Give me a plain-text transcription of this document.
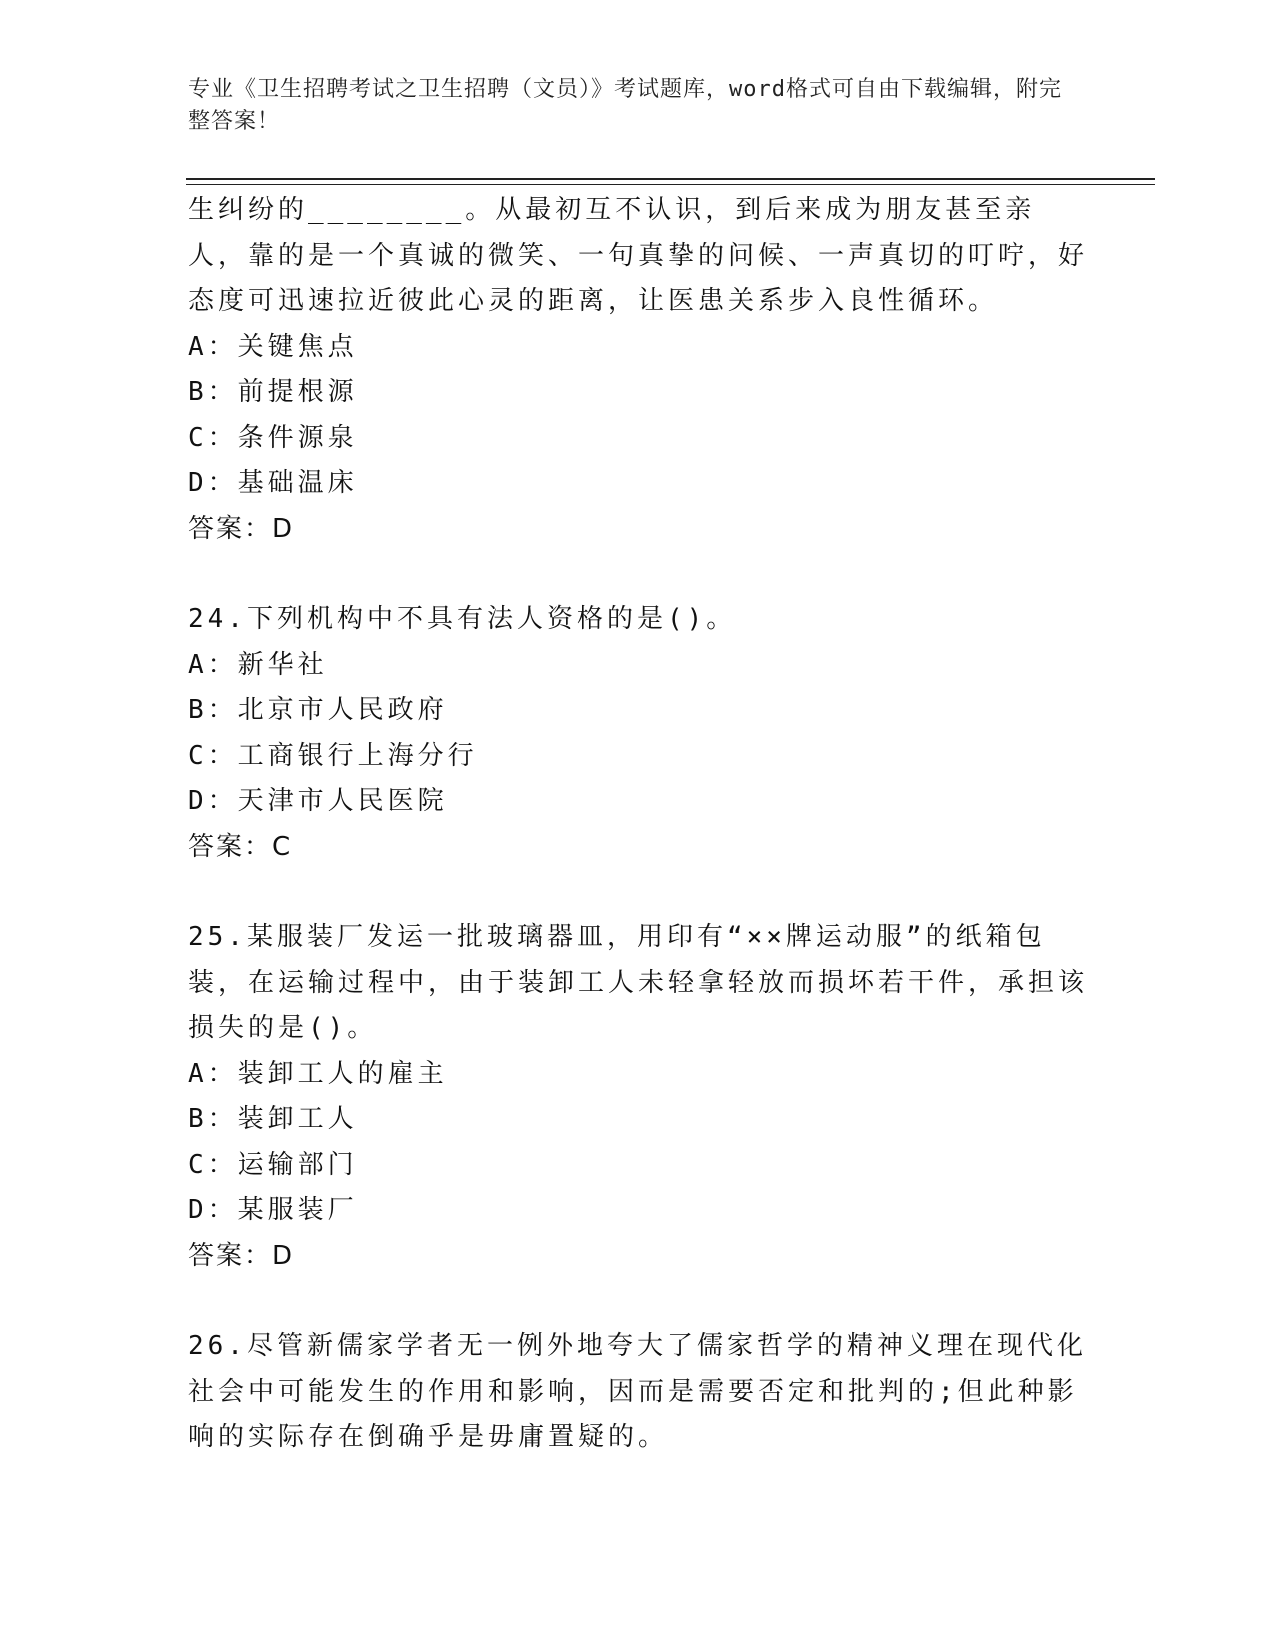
专业《卫生招聘考试之卫生招聘（文员）》考试题库，word格式可自由下载编辑，附完整答案！

生纠纷的________。从最初互不认识，到后来成为朋友甚至亲人，靠的是一个真诚的微笑、一句真挚的问候、一声真切的叮咛，好态度可迅速拉近彼此心灵的距离，让医患关系步入良性循环。

A：关键焦点

B：前提根源

C：条件源泉

D：基础温床

答案：D

24.下列机构中不具有法人资格的是()。

A：新华社

B：北京市人民政府

C：工商银行上海分行

D：天津市人民医院

答案：C

25.某服装厂发运一批玻璃器皿，用印有“××牌运动服”的纸箱包装，在运输过程中，由于装卸工人未轻拿轻放而损坏若干件，承担该损失的是()。

A：装卸工人的雇主

B：装卸工人

C：运输部门

D：某服装厂

答案：D

26.尽管新儒家学者无一例外地夸大了儒家哲学的精神义理在现代化社会中可能发生的作用和影响，因而是需要否定和批判的;但此种影响的实际存在倒确乎是毋庸置疑的。
